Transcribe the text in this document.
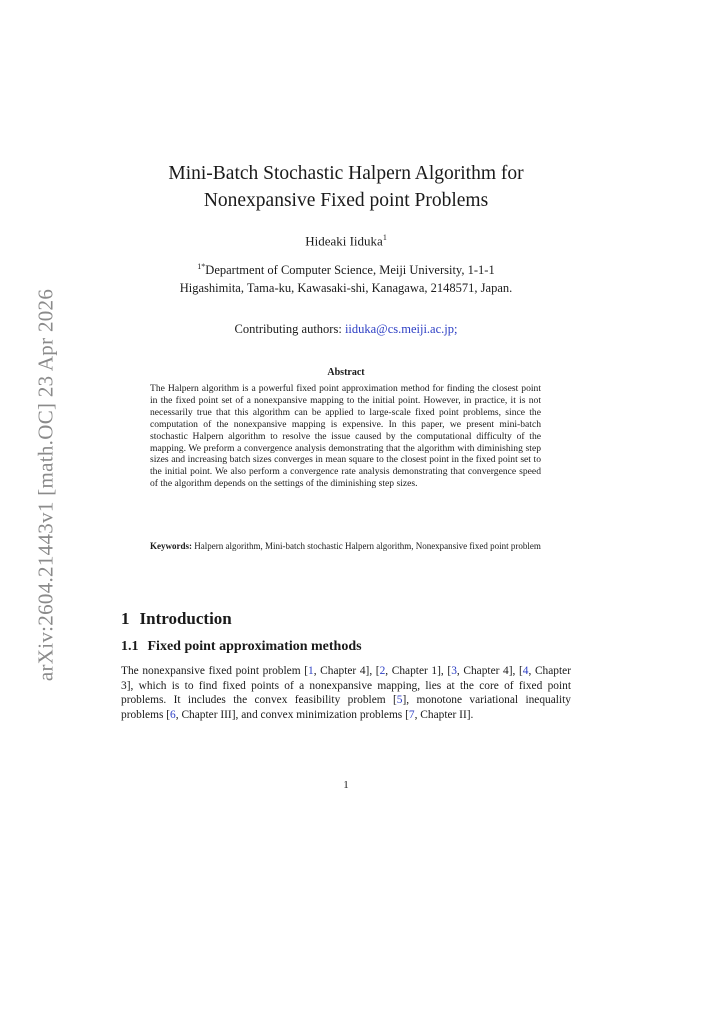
arXiv:2604.21443v1 [math.OC] 23 Apr 2026
Mini-Batch Stochastic Halpern Algorithm for
Nonexpansive Fixed point Problems
Hideaki Iiduka$^1$
$^{1*}$Department of Computer Science, Meiji University, 1-1-1
Higashimita, Tama-ku, Kawasaki-shi, Kanagawa, 2148571, Japan.
Contributing authors: iiduka@cs.meiji.ac.jp;
Abstract
The Halpern algorithm is a powerful fixed point approximation method for finding the closest point in the fixed point set of a nonexpansive mapping to the initial point. However, in practice, it is not necessarily true that this algorithm can be applied to large-scale fixed point problems, since the computation of the nonexpansive mapping is expensive. In this paper, we present mini-batch stochastic Halpern algorithm to resolve the issue caused by the computational difficulty of the mapping. We preform a convergence analysis demonstrating that the algorithm with diminishing step sizes and increasing batch sizes converges in mean square to the closest point in the fixed point set to the initial point. We also perform a convergence rate analysis demonstrating that convergence speed of the algorithm depends on the settings of the diminishing step sizes.
Keywords: Halpern algorithm, Mini-batch stochastic Halpern algorithm, Nonexpansive fixed point problem
1 Introduction
1.1 Fixed point approximation methods
The nonexpansive fixed point problem [1, Chapter 4], [2, Chapter 1], [3, Chapter 4], [4, Chapter 3], which is to find fixed points of a nonexpansive mapping, lies at the core of fixed point problems. It includes the convex feasibility problem [5], monotone variational inequality problems [6, Chapter III], and convex minimization problems [7, Chapter II].
1
